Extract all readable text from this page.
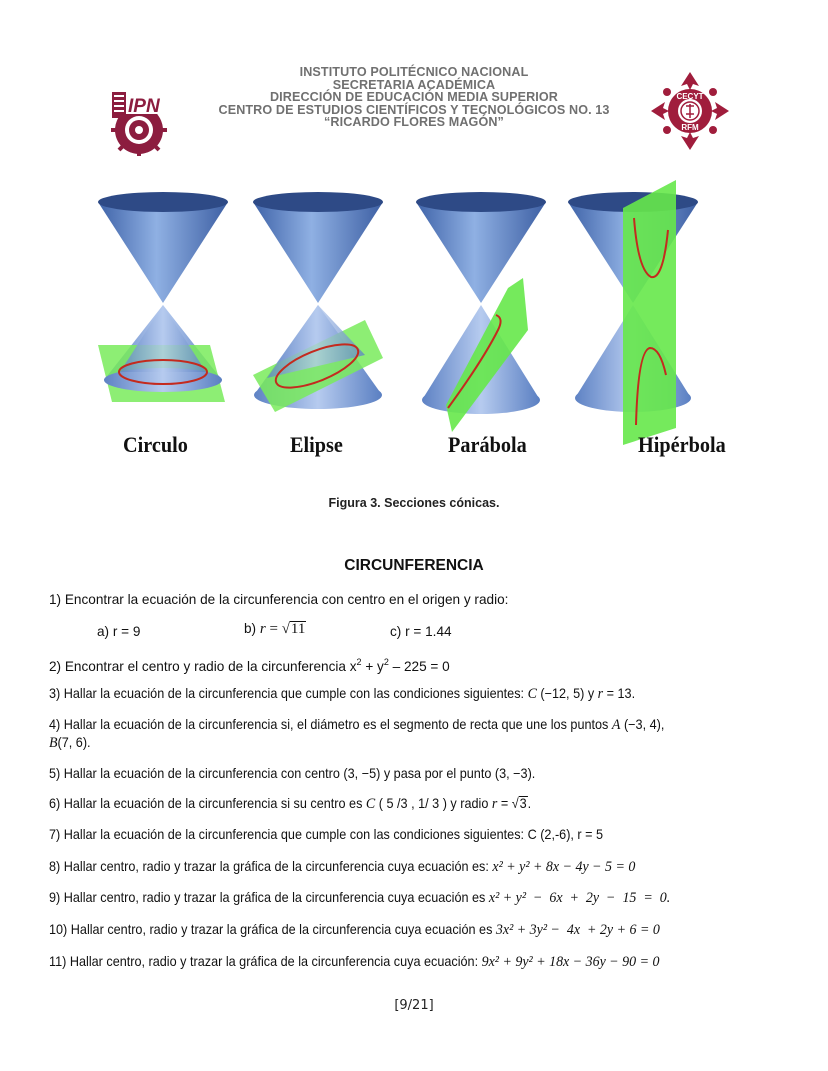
IPN
INSTITUTO POLITÉCNICO NACIONAL
SECRETARIA ACADÉMICA
DIRECCIÓN DE EDUCACIÓN MEDIA SUPERIOR
CENTRO DE ESTUDIOS CIENTÍFICOS Y TECNOLÓGICOS NO. 13
“RICARDO FLORES MAGÓN”
CECYT
RFM
Circulo	Elipse	Parábola	Hipérbola
Figura 3. Secciones cónicas.
CIRCUNFERENCIA
1) Encontrar la ecuación de la circunferencia con centro en el origen y radio:
a) r = 9	b) r = √11	c) r = 1.44
2) Encontrar el centro y radio de la circunferencia $x^2 + y^2 - 225 = 0$
3) Hallar la ecuación de la circunferencia que cumple con las condiciones siguientes: C (−12, 5) y r = 13.
4) Hallar la ecuación de la circunferencia si, el diámetro es el segmento de recta que une los puntos A (−3, 4),
B(7, 6).
5) Hallar la ecuación de la circunferencia con centro (3, −5) y pasa por el punto (3, −3).
6) Hallar la ecuación de la circunferencia si su centro es C ( 5 /3 , 1/ 3 ) y radio r = √3.
7) Hallar la ecuación de la circunferencia que cumple con las condiciones siguientes: C (2,-6), r = 5
8) Hallar centro, radio y trazar la gráfica de la circunferencia cuya ecuación es: x² + y² + 8x − 4y − 5 = 0
9) Hallar centro, radio y trazar la gráfica de la circunferencia cuya ecuación es x² + y²  −  6x  +  2y  −  15  =  0.
10) Hallar centro, radio y trazar la gráfica de la circunferencia cuya ecuación es 3x² + 3y² −  4x  + 2y + 6 = 0
11) Hallar centro, radio y trazar la gráfica de la circunferencia cuya ecuación: 9x² + 9y² + 18x − 36y − 90 = 0
[9/21]
